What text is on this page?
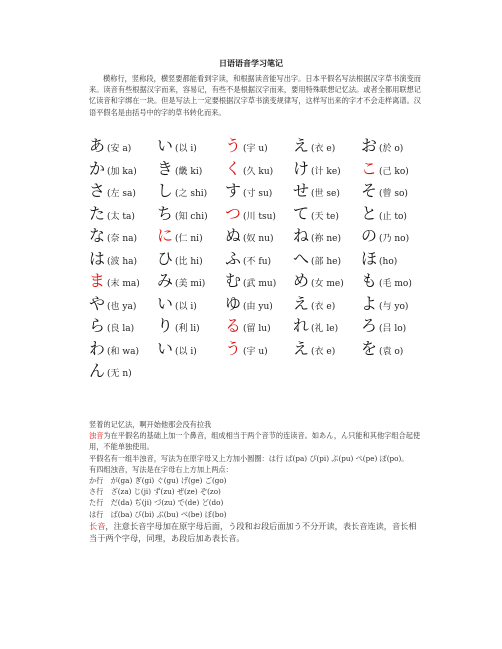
日语语音学习笔记
横称行，竖称段，横竖要都能看到字读，和根据读音能写出字。日本平假名写法根据汉字草书演变而来。读音有些根据汉字而来，容易记，有些不是根据汉字而来，要用特殊联想记忆法。或者全都用联想记忆读音和字绑在一块。但是写法上一定要根据汉字草书演变规律写，这样写出来的字才不会走样离谱。汉语平假名是由括号中的字的草书转化而来。
あ (安 a) い (以 i) う (宇 u) え (衣 e) お (於 o)
か (加 ka) き (畿 ki) く (久 ku) け (计 ke) こ (己 ko)
さ (左 sa) し (之 shi) す (寸 su) せ (世 se) そ (曾 so)
た (太 ta) ち (知 chi) つ (川 tsu) て (天 te) と (止 to)
な (奈 na) に (仁 ni) ぬ (奴 nu) ね (祢 ne) の (乃 no)
は (波 ha) ひ (比 hi) ふ (不 fu) へ (部 he) ほ (ho)
ま (末 ma) み (美 mi) む (武 mu) め (女 me) も (毛 mo)
や (也 ya) い (以 i) ゆ (由 yu) え (衣 e) よ (与 yo)
ら (良 la) り (利 li) る (留 lu) れ (礼 le) ろ (吕 lo)
わ (和 wa) い (以 i) う (宇 u) え (衣 e) を (袁 o)
ん (无 n)
竖着的记忆法，啊开始他那会没有拉我
浊音为在平假名的基础上加一个鼻音，组成相当于两个音节的连读音。如あん，ん只能和其他字组合起使用，不能单独使用。
平假名有一组半浊音，写法为在原字母又上方加小圆圈：は行 ぱ(pa) ぴ(pi) ぷ(pu) ぺ(pe) ぽ(po)。
有四组浊音，写法是在字母右上方加上两点：
か行　が(ga) ぎ(gi) ぐ(gu) げ(ge) ご(go)
さ行　ざ(za) じ(ji) ず(zu) ぜ(ze) ぞ(zo)
た行　だ(da) ぢ(ji) づ(zu) で(de) ど(do)
は行　ば(ba) び(bi) ぶ(bu) べ(be) ぼ(bo)
长音，注意长音字母加在原字母后面，う段和お段后面加う不分开读，表长音连读，音长相当于两个字母，同理，あ段后加あ表长音。
